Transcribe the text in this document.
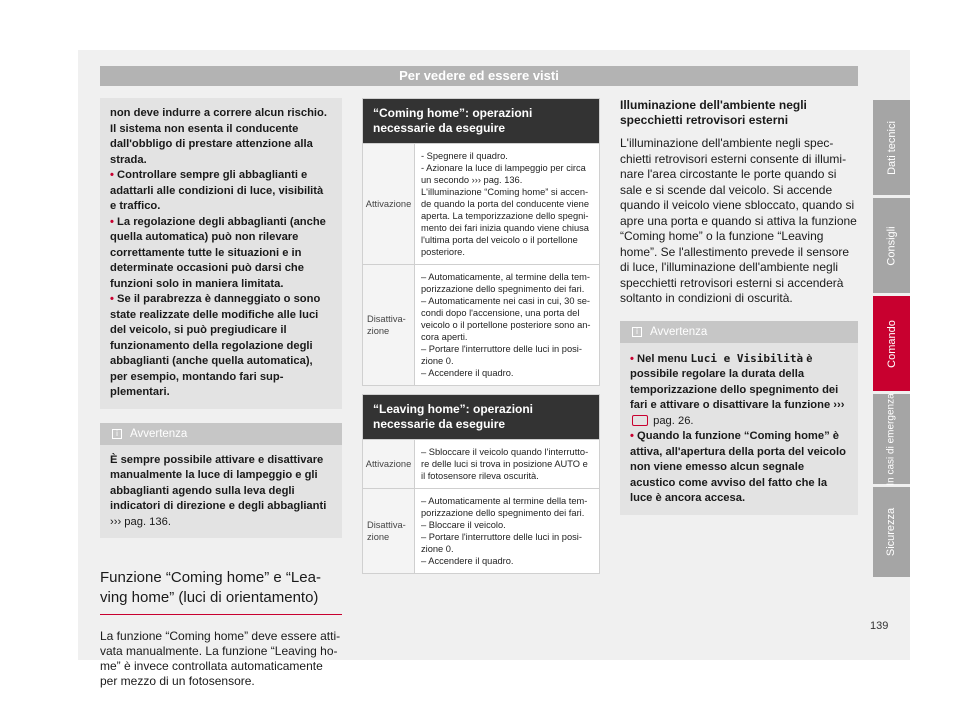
Per vedere ed essere visti

non deve indurre a correre alcun rischio. Il sistema non esenta il conducente dall'obbligo di prestare attenzione alla strada.

• Controllare sempre gli abbaglianti e adattarli alle condizioni di luce, visibilità e traffico.

• La regolazione degli abbaglianti (anche quella automatica) può non rilevare correttamente tutte le situazioni e in determinate occasioni può darsi che funzioni solo in maniera limitata.

• Se il parabrezza è danneggiato o sono state realizzate delle modifiche alle luci del veicolo, si può pregiudicare il funzionamento della regolazione degli abbaglianti (anche quella automatica), per esempio, montando fari supplementari.

i	Avvertenza
È sempre possibile attivare e disattivare manualmente la luce di lampeggio e gli abbaglianti agendo sulla leva degli indicatori di direzione e degli abbaglianti ››› pag. 136.
Funzione “Coming home” e “Leaving home” (luci di orientamento)
La funzione “Coming home” deve essere attivata manualmente. La funzione “Leaving home” è invece controllata automaticamente per mezzo di un fotosensore.
“Coming home”: operazioni necessarie da eseguire
Attivazione
- Spegnere il quadro.
- Azionare la luce di lampeggio per circa un secondo ››› pag. 136.
L'illuminazione “Coming home” si accende quando la porta del conducente viene aperta. La temporizzazione dello spegnimento dei fari inizia quando viene chiusa l'ultima porta del veicolo o il portellone posteriore.
Disattivazione
– Automaticamente, al termine della temporizzazione dello spegnimento dei fari.
– Automaticamente nei casi in cui, 30 secondi dopo l'accensione, una porta del veicolo o il portellone posteriore sono ancora aperti.
– Portare l'interruttore delle luci in posizione 0.
– Accendere il quadro.
“Leaving home”: operazioni necessarie da eseguire
Attivazione
– Sbloccare il veicolo quando l'interruttore delle luci si trova in posizione AUTO e il fotosensore rileva oscurità.
Disattivazione
– Automaticamente al termine della temporizzazione dello spegnimento dei fari.
– Bloccare il veicolo.
– Portare l'interruttore delle luci in posizione 0.
– Accendere il quadro.
Illuminazione dell'ambiente negli specchietti retrovisori esterni
L'illuminazione dell'ambiente negli specchietti retrovisori esterni consente di illuminare l'area circostante le porte quando si sale e si scende dal veicolo. Si accende quando il veicolo viene sbloccato, quando si apre una porta e quando si attiva la funzione “Coming home” o la funzione “Leaving home”. Se l'allestimento prevede il sensore di luce, l'illuminazione dell'ambiente negli specchietti retrovisori esterni si accenderà soltanto in condizioni di oscurità.
i	Avvertenza

• Nel menu Luci e Visibilità è possibile regolare la durata della temporizzazione dello spegnimento dei fari e attivare o disattivare la funzione ››› pag. 26.

• Quando la funzione “Coming home” è attiva, all'apertura della porta del veicolo non viene emesso alcun segnale acustico come avviso del fatto che la luce è ancora accesa.

Dati tecnici
Consigli
Comando
In casi di emergenza
Sicurezza
139
